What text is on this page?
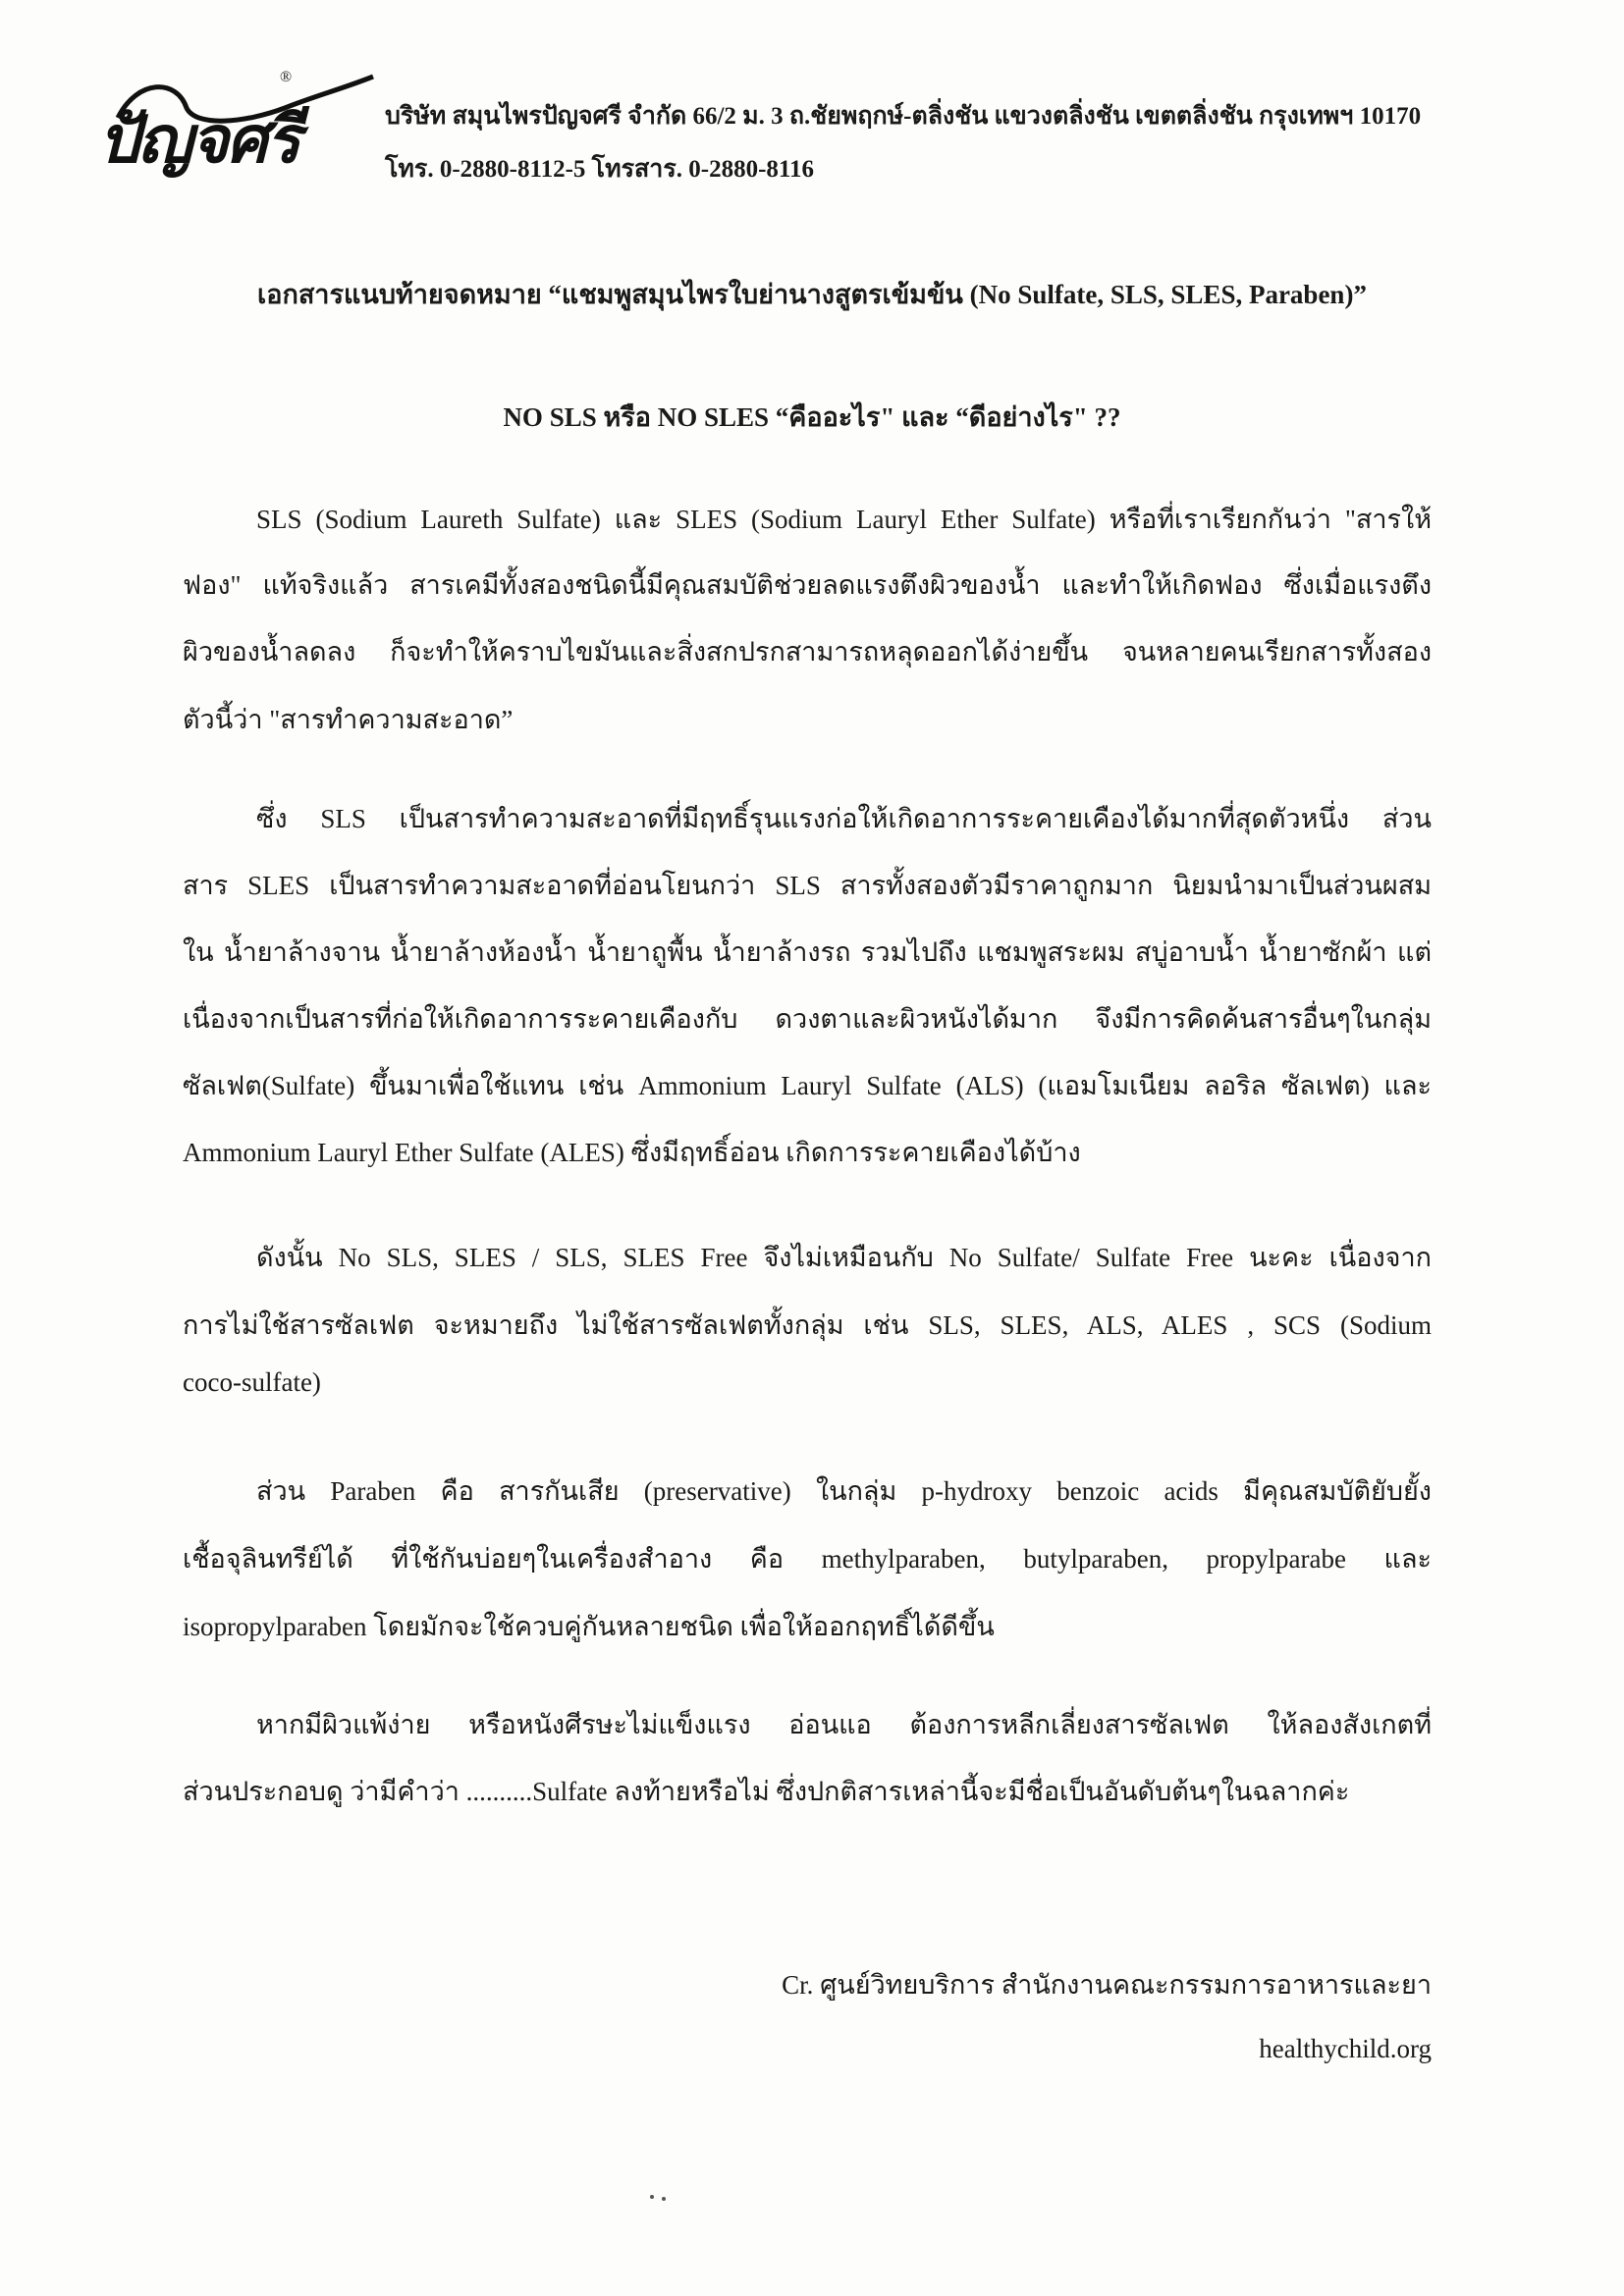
®
ปัญจศรี	บริษัท สมุนไพรปัญจศรี จำกัด 66/2 ม. 3 ถ.ชัยพฤกษ์-ตลิ่งชัน แขวงตลิ่งชัน เขตตลิ่งชัน กรุงเทพฯ 10170
โทร. 0-2880-8112-5 โทรสาร. 0-2880-8116
เอกสารแนบท้ายจดหมาย “แชมพูสมุนไพรใบย่านางสูตรเข้มข้น (No Sulfate, SLS, SLES, Paraben)”
NO SLS หรือ NO SLES “คืออะไร" และ “ดีอย่างไร" ??
SLS (Sodium Laureth Sulfate) และ SLES (Sodium Lauryl Ether Sulfate) หรือที่เราเรียกกันว่า "สารให้
ฟอง" แท้จริงแล้ว สารเคมีทั้งสองชนิดนี้มีคุณสมบัติช่วยลดแรงตึงผิวของน้ำ และทำให้เกิดฟอง ซึ่งเมื่อแรงตึง
ผิวของน้ำลดลง ก็จะทำให้คราบไขมันและสิ่งสกปรกสามารถหลุดออกได้ง่ายขึ้น จนหลายคนเรียกสารทั้งสอง
ตัวนี้ว่า "สารทำความสะอาด”
ซึ่ง SLS เป็นสารทำความสะอาดที่มีฤทธิ์รุนแรงก่อให้เกิดอาการระคายเคืองได้มากที่สุดตัวหนึ่ง ส่วน
สาร SLES เป็นสารทำความสะอาดที่อ่อนโยนกว่า SLS สารทั้งสองตัวมีราคาถูกมาก นิยมนำมาเป็นส่วนผสม
ใน น้ำยาล้างจาน น้ำยาล้างห้องน้ำ น้ำยาถูพื้น น้ำยาล้างรถ รวมไปถึง แชมพูสระผม สบู่อาบน้ำ น้ำยาซักผ้า แต่
เนื่องจากเป็นสารที่ก่อให้เกิดอาการระคายเคืองกับ ดวงตาและผิวหนังได้มาก จึงมีการคิดค้นสารอื่นๆในกลุ่ม
ซัลเฟต(Sulfate) ขึ้นมาเพื่อใช้แทน เช่น Ammonium Lauryl Sulfate (ALS) (แอมโมเนียม ลอริล ซัลเฟต) และ
Ammonium Lauryl Ether Sulfate (ALES) ซึ่งมีฤทธิ์อ่อน เกิดการระคายเคืองได้บ้าง
ดังนั้น No SLS, SLES / SLS, SLES Free จึงไม่เหมือนกับ No Sulfate/ Sulfate Free นะคะ เนื่องจาก
การไม่ใช้สารซัลเฟต จะหมายถึง ไม่ใช้สารซัลเฟตทั้งกลุ่ม เช่น SLS, SLES, ALS, ALES , SCS (Sodium
coco-sulfate)
ส่วน Paraben คือ สารกันเสีย (preservative) ในกลุ่ม p-hydroxy benzoic acids มีคุณสมบัติยับยั้ง
เชื้อจุลินทรีย์ได้ ที่ใช้กันบ่อยๆในเครื่องสำอาง คือ methylparaben, butylparaben, propylparabe และ
isopropylparaben โดยมักจะใช้ควบคู่กันหลายชนิด เพื่อให้ออกฤทธิ์ได้ดีขึ้น
หากมีผิวแพ้ง่าย หรือหนังศีรษะไม่แข็งแรง อ่อนแอ ต้องการหลีกเลี่ยงสารซัลเฟต ให้ลองสังเกตที่
ส่วนประกอบดู ว่ามีคำว่า ..........Sulfate ลงท้ายหรือไม่ ซึ่งปกติสารเหล่านี้จะมีชื่อเป็นอันดับต้นๆในฉลากค่ะ
Cr. ศูนย์วิทยบริการ สำนักงานคณะกรรมการอาหารและยา
healthychild.org
